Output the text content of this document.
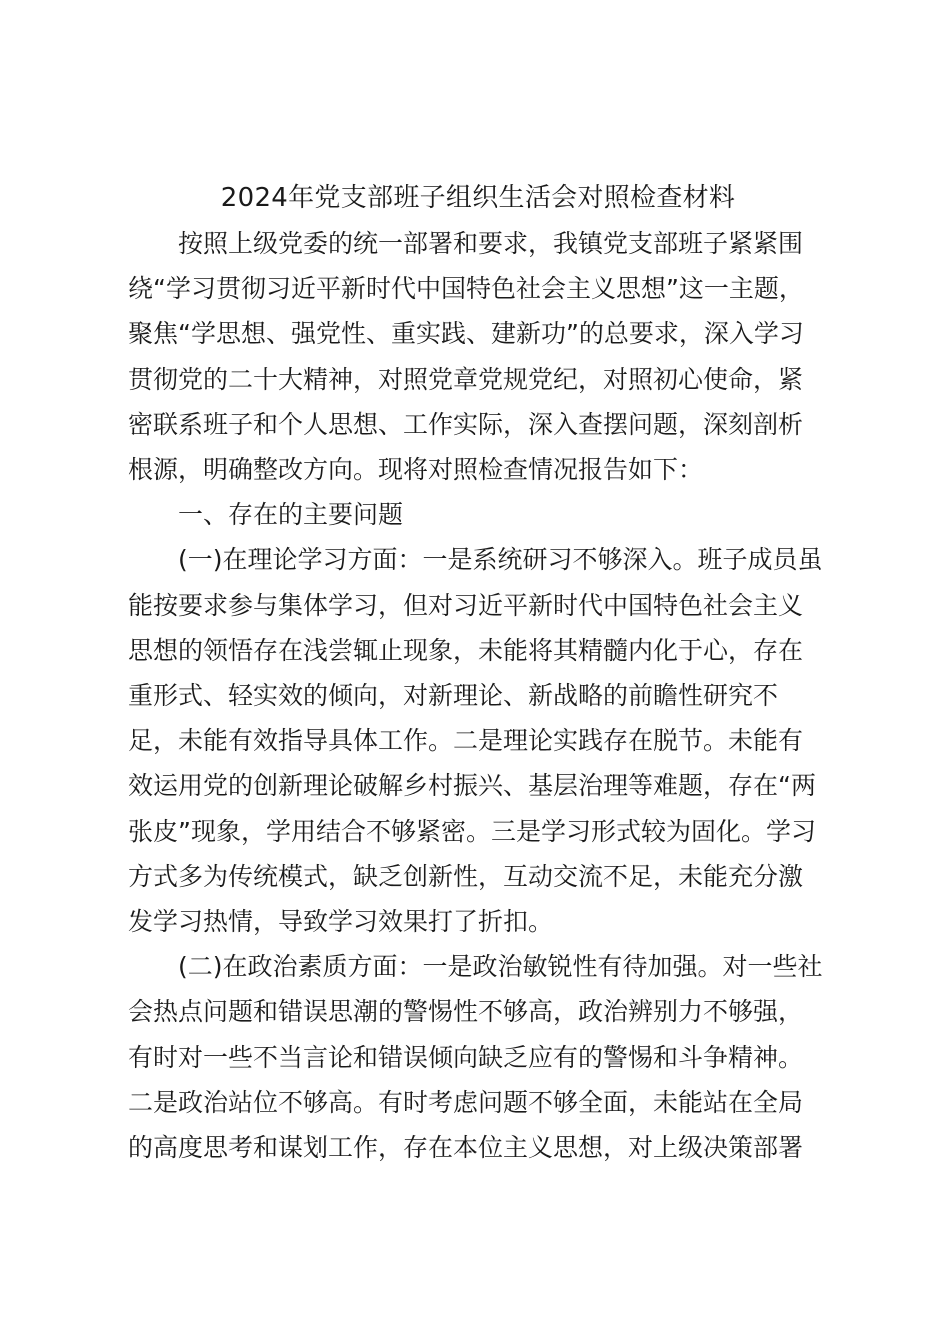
2024年党支部班子组织生活会对照检查材料

按照上级党委的统一部署和要求，我镇党支部班子紧紧围
绕“学习贯彻习近平新时代中国特色社会主义思想”这一主题，
聚焦“学思想、强党性、重实践、建新功”的总要求，深入学习
贯彻党的二十大精神，对照党章党规党纪，对照初心使命，紧
密联系班子和个人思想、工作实际，深入查摆问题，深刻剖析
根源，明确整改方向。现将对照检查情况报告如下：

一、存在的主要问题

(一)在理论学习方面：一是系统研习不够深入。班子成员虽
能按要求参与集体学习，但对习近平新时代中国特色社会主义
思想的领悟存在浅尝辄止现象，未能将其精髓内化于心，存在
重形式、轻实效的倾向，对新理论、新战略的前瞻性研究不
足，未能有效指导具体工作。二是理论实践存在脱节。未能有
效运用党的创新理论破解乡村振兴、基层治理等难题，存在“两
张皮”现象，学用结合不够紧密。三是学习形式较为固化。学习
方式多为传统模式，缺乏创新性，互动交流不足，未能充分激
发学习热情，导致学习效果打了折扣。

(二)在政治素质方面：一是政治敏锐性有待加强。对一些社
会热点问题和错误思潮的警惕性不够高，政治辨别力不够强，
有时对一些不当言论和错误倾向缺乏应有的警惕和斗争精神。
二是政治站位不够高。有时考虑问题不够全面，未能站在全局
的高度思考和谋划工作，存在本位主义思想，对上级决策部署
